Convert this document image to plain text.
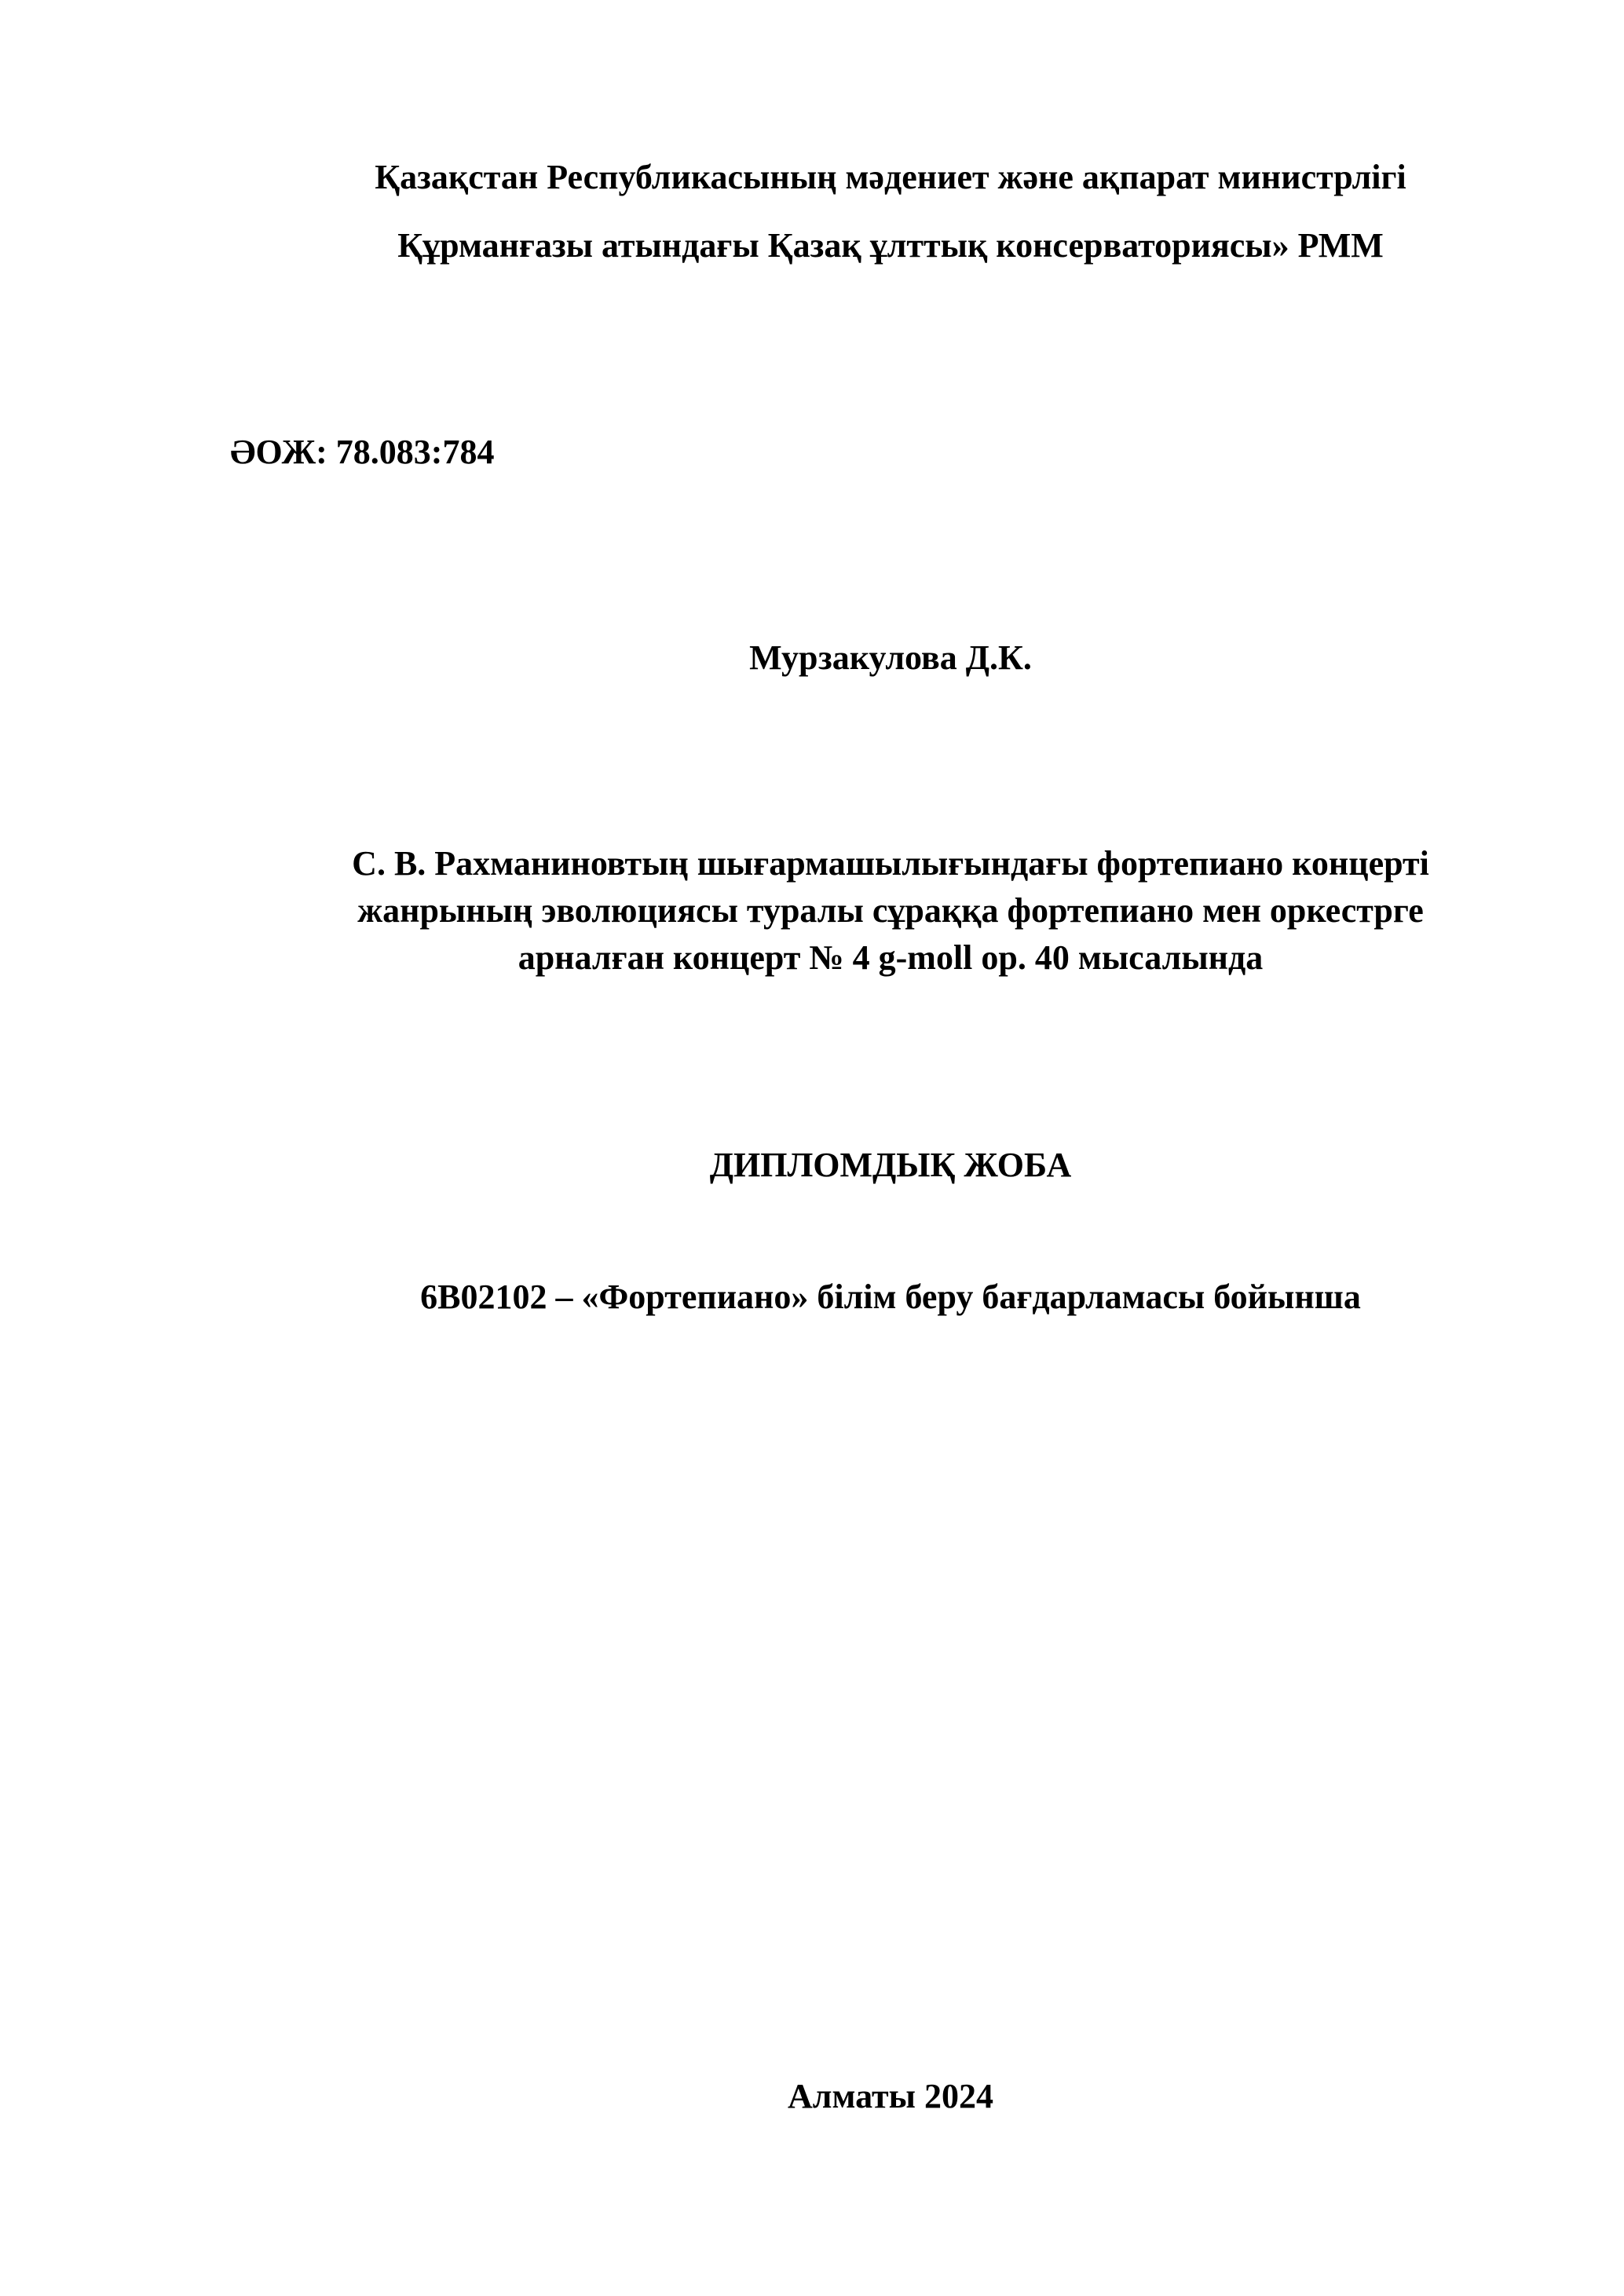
Қазақстан Республикасының мәдениет және ақпарат министрлігі

Құрманғазы атындағы Қазақ ұлттық консерваториясы» РММ

ӘОЖ: 78.083:784

Мурзакулова Д.К.

С. В. Рахманиновтың шығармашылығындағы фортепиано концерті
жанрының эволюциясы туралы сұраққа фортепиано мен оркестрге
арналған концерт № 4 g-moll op. 40 мысалында

ДИПЛОМДЫҚ ЖОБА

6В02102 – «Фортепиано» білім беру бағдарламасы бойынша

Алматы 2024
